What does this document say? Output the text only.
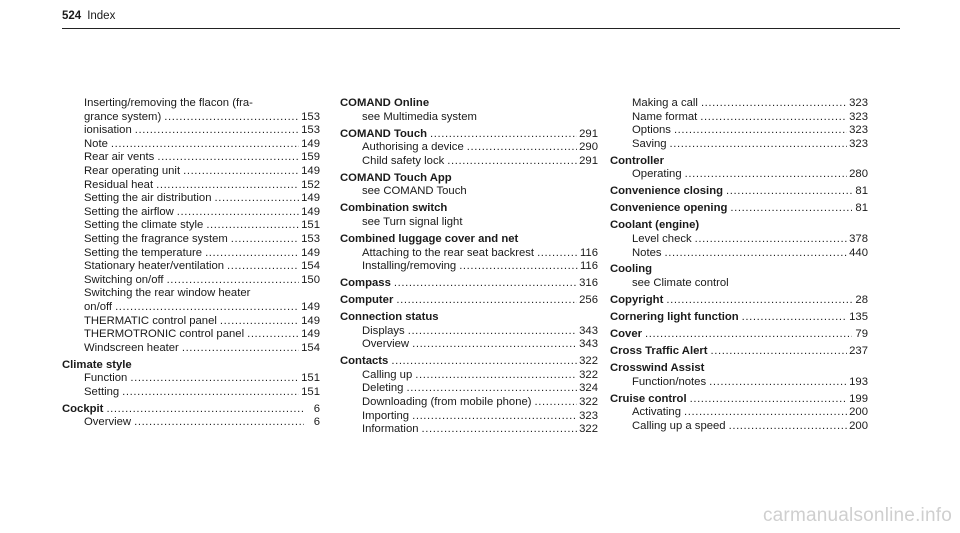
524 Index
Inserting/removing the flacon (fra-
grance system) .....	153
ionisation .....	153
Note .....	149
Rear air vents .....	159
Rear operating unit .....	149
Residual heat .....	152
Setting the air distribution .....	149
Setting the airflow .....	149
Setting the climate style .....	151
Setting the fragrance system .....	153
Setting the temperature .....	149
Stationary heater/ventilation .....	154
Switching on/off .....	150
Switching the rear window heater
on/off .....	149
THERMATIC control panel .....	149
THERMOTRONIC control panel .....	149
Windscreen heater .....	154
Climate style
Function .....	151
Setting .....	151
Cockpit .....	6
Overview .....	6
COMAND Online
see Multimedia system
COMAND Touch .....	291
Authorising a device .....	290
Child safety lock .....	291
COMAND Touch App
see COMAND Touch
Combination switch
see Turn signal light
Combined luggage cover and net
Attaching to the rear seat backrest .....	116
Installing/removing .....	116
Compass .....	316
Computer .....	256
Connection status
Displays .....	343
Overview .....	343
Contacts .....	322
Calling up .....	322
Deleting .....	324
Downloading (from mobile phone) .....	322
Importing .....	323
Information .....	322
Making a call .....	323
Name format .....	323
Options .....	323
Saving .....	323
Controller
Operating .....	280
Convenience closing .....	81
Convenience opening .....	81
Coolant (engine)
Level check .....	378
Notes .....	440
Cooling
see Climate control
Copyright .....	28
Cornering light function .....	135
Cover .....	79
Cross Traffic Alert .....	237
Crosswind Assist
Function/notes .....	193
Cruise control .....	199
Activating .....	200
Calling up a speed .....	200
carmanualsonline.info
